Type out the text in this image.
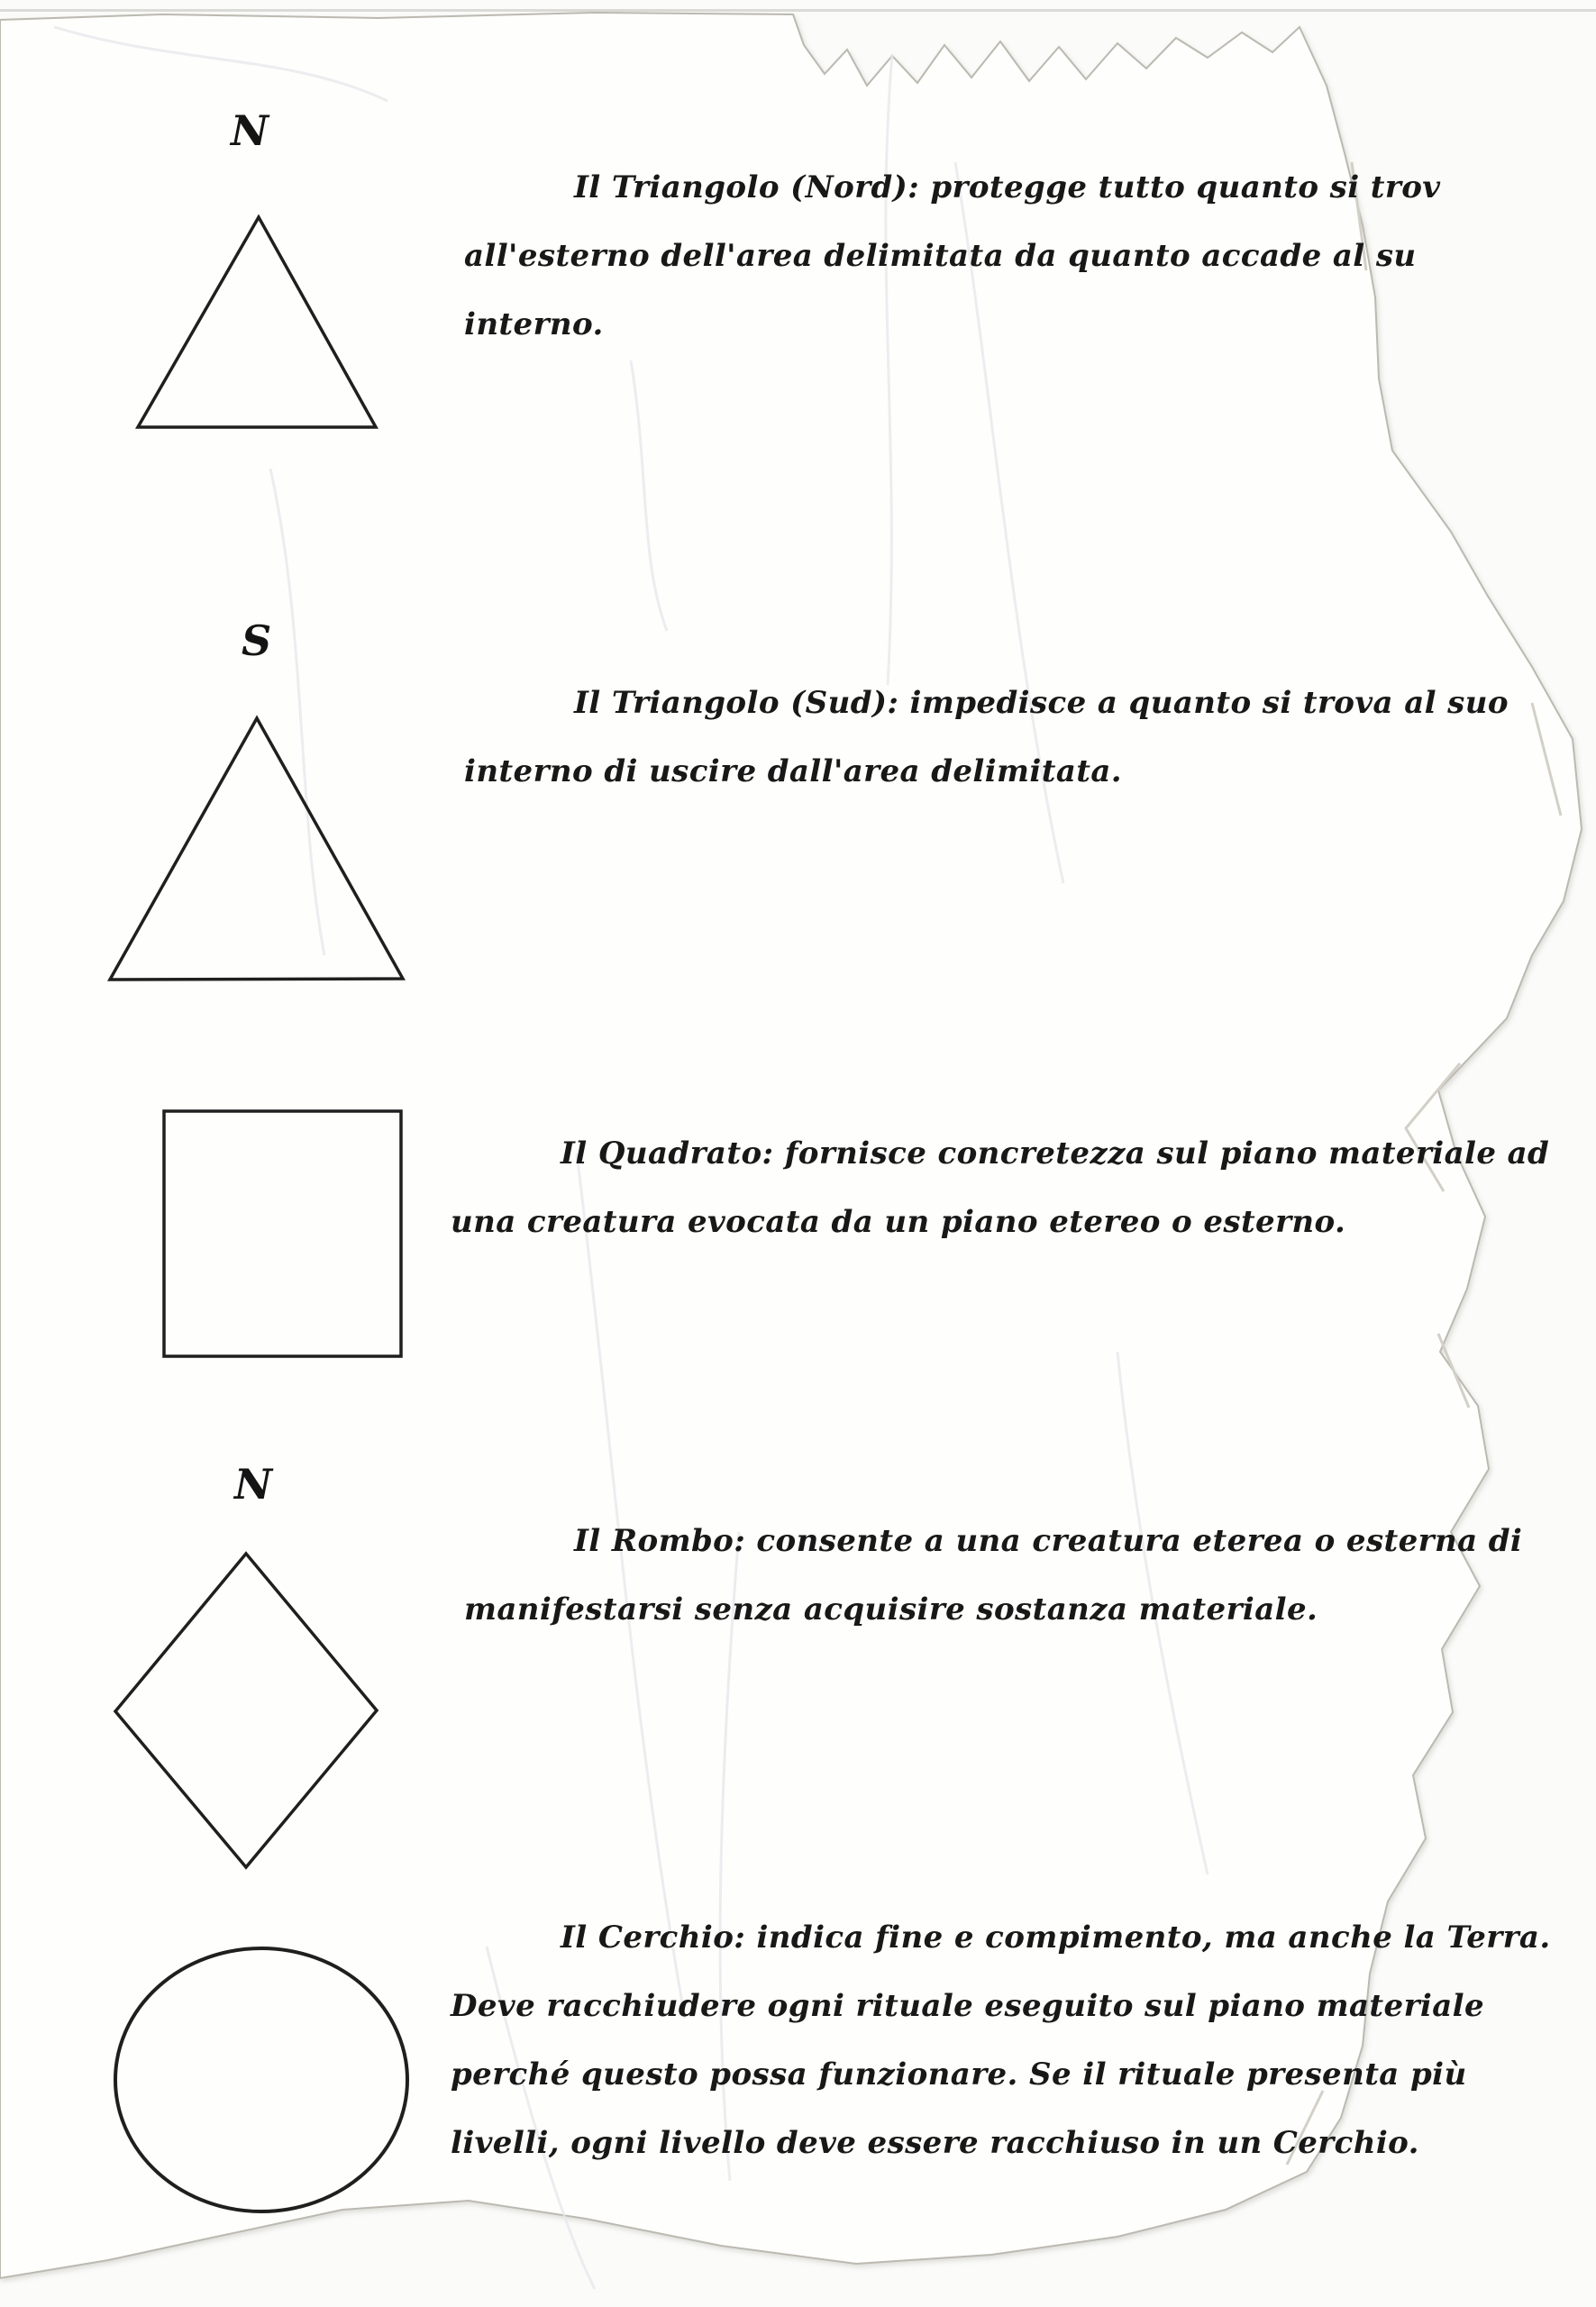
N
S
N
Il Triangolo (Nord): protegge tutto quanto si trov
all'esterno dell'area delimitata da quanto accade al su
interno.
Il Triangolo (Sud): impedisce a quanto si trova al suo
interno di uscire dall'area delimitata.
Il Quadrato: fornisce concretezza sul piano materiale ad
una creatura evocata da un piano etereo o esterno.
Il Rombo: consente a una creatura eterea o esterna di
manifestarsi senza acquisire sostanza materiale.
Il Cerchio: indica fine e compimento, ma anche la Terra.
Deve racchiudere ogni rituale eseguito sul piano materiale
perché questo possa funzionare. Se il rituale presenta più
livelli, ogni livello deve essere racchiuso in un Cerchio.
